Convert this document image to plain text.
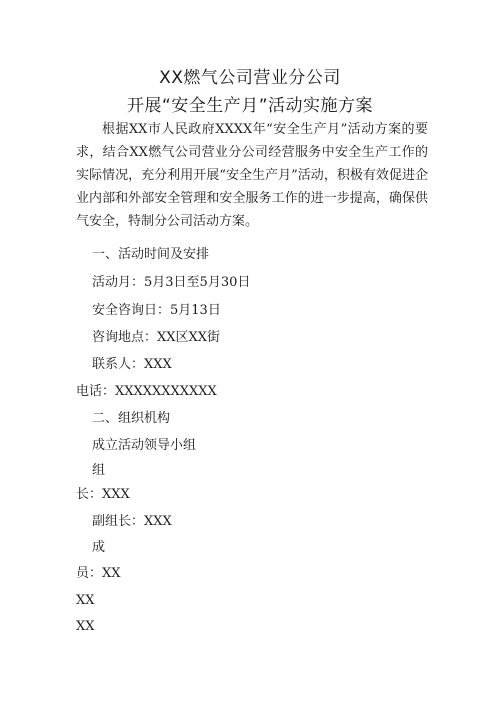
XX燃气公司营业分公司
开展“安全生产月”活动实施方案
根据XX市人民政府XXXX年“安全生产月”活动方案的要求，结合XX燃气公司营业分公司经营服务中安全生产工作的实际情况，充分利用开展“安全生产月”活动，积极有效促进企业内部和外部安全管理和安全服务工作的进一步提高，确保供气安全，特制分公司活动方案。
一、活动时间及安排
活动月：5月3日至5月30日
安全咨询日：5月13日
咨询地点：XX区XX街
联系人：XXX
电话：XXXXXXXXXXX
二、组织机构
成立活动领导小组
组
长：XXX
副组长：XXX
成
员：XX
XX
XX
